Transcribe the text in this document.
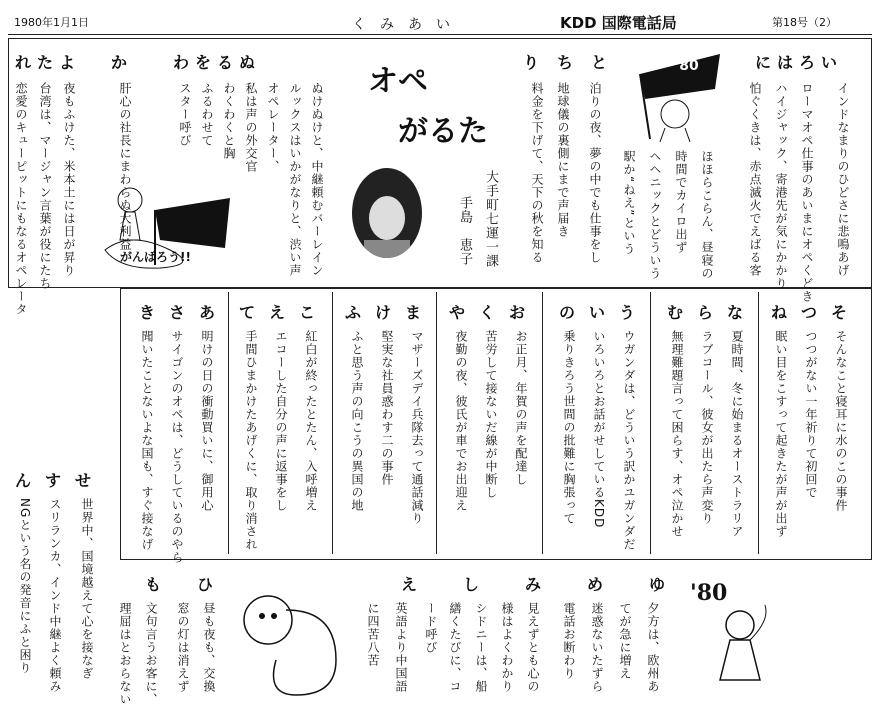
1980年1月1日	くみあい	KDD 国際電話局	第18号（2）
れ た よ か	わ を る ぬ
恋愛のキューピットにもなるオペレータ 台湾は、マージャン言葉が役にたち 夜もふけた、米本土には日が昇り	肝心の社長にまわらぬ大利益	スター呼び ふるわせて わくわくと胸 私は声の外交官 オペレーター、 ルックスはいかがなりと、渋い声 ぬけぬけと、中継頼むバーレイン
'80
がんばろう!!
オペ
がるた
大手町七運一課
手島　恵子
り ち と
料金を下げて、天下の秋を知る 地球儀の裏側にまで声届き 泊りの夜、夢の中でも仕事をし
'80	に は ろ い
駅か“ねえ”という ヘヘニックとどういう 時間でカイロ出ず ほほらこらん、昼寝の	怕ぐくきは、赤点滅火でえばる客 ハイジャック、寄港先が気にかかり ローマオペ仕事のあいまにオペくどき インドなまりのひどさに悲鳴あげ
き さ あ
聞いたことないよな国も、すぐ接なげ サイゴンのオペは、どうしているのやら 明けの日の衝動買いに、御用心
て え こ
手間ひまかけたあげくに、取り消され エコーした自分の声に返事をし 紅白が終ったとたん、入呼増え
ふ け ま
ふと思う声の向こうの異国の地 堅実な社員惑わす二の事件 マザーズデイ兵隊去って通話減り
や く お
夜勤の夜、彼氏が車でお出迎え 苦労して接ないだ線が中断し お正月、年賀の声を配達し
の い う
乗りきろう世間の批難に胸張って いろいろとお話がせしているKDD ウガンダは、どういう訳かユガンダだ
む ら な
無理難題言って困らす、オペ泣かせ ラブコール、彼女が出たら声変り 夏時間、冬に始まるオーストラリア
ね つ そ
眠い目をこすって起きたが声が出ず つつがない一年祈りて初回で そんなこと寝耳に水のこの事件
ん す せ
NGという名の発音にふと困り スリランカ、インド中継よく頼み 世界中、国境越えて心を接なぎ	も ひ
理屈はとおらない 文句言うお客に、 窓の灯は消えず 昼も夜も、交換
え	し	み	め	ゆ
に四苦八苦 英語より中国語 ード呼び 繕くたびに、コ シドニーは、船 様はよくわかり 見えずとも心の 電話お断わり 迷惑ないたずら てが急に増え 夕方は、欧州あ
'80
